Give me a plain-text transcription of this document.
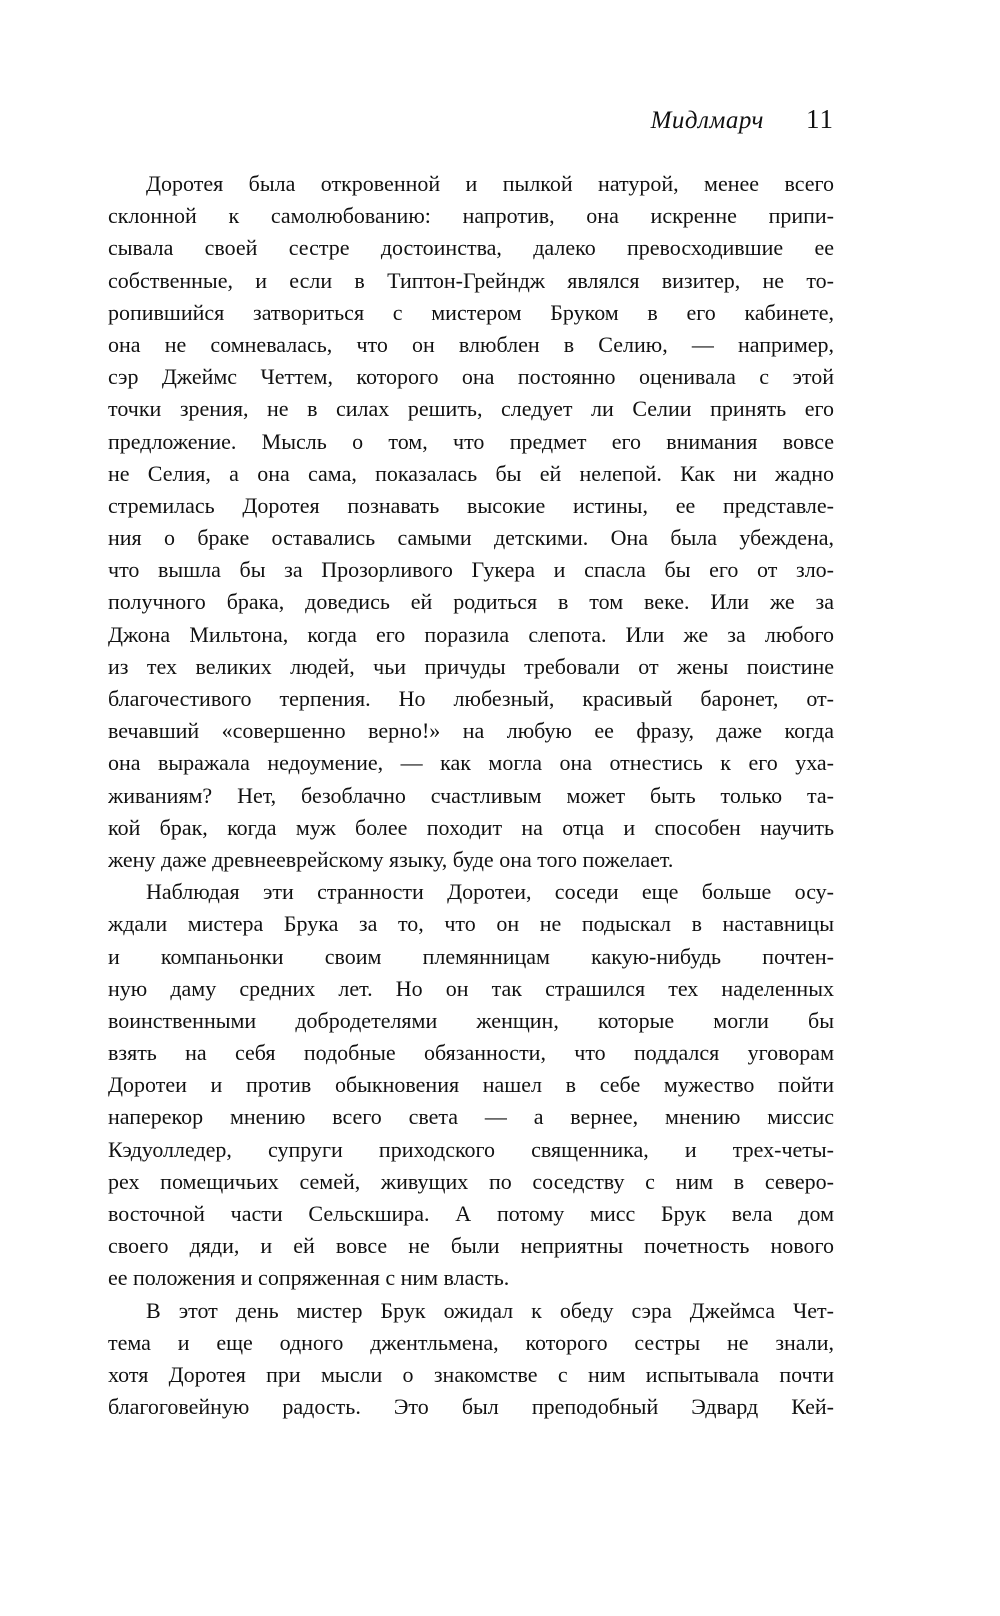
Мидлмарч 11
Доротея была откровенной и пылкой натурой, менее всего
склонной к самолюбованию: напротив, она искренне припи-
сывала своей сестре достоинства, далеко превосходившие ее
собственные, и если в Типтон-Грейндж являлся визитер, не то-
ропившийся затвориться с мистером Бруком в его кабинете,
она не сомневалась, что он влюблен в Селию, — например,
сэр Джеймс Четтем, которого она постоянно оценивала с этой
точки зрения, не в силах решить, следует ли Селии принять его
предложение. Мысль о том, что предмет его внимания вовсе
не Селия, а она сама, показалась бы ей нелепой. Как ни жадно
стремилась Доротея познавать высокие истины, ее представле-
ния о браке оставались самыми детскими. Она была убеждена,
что вышла бы за Прозорливого Гукера и спасла бы его от зло-
получного брака, доведись ей родиться в том веке. Или же за
Джона Мильтона, когда его поразила слепота. Или же за любого
из тех великих людей, чьи причуды требовали от жены поистине
благочестивого терпения. Но любезный, красивый баронет, от-
вечавший «совершенно верно!» на любую ее фразу, даже когда
она выражала недоумение, — как могла она отнестись к его уха-
живаниям? Нет, безоблачно счастливым может быть только та-
кой брак, когда муж более походит на отца и способен научить
жену даже древнееврейскому языку, буде она того пожелает.
Наблюдая эти странности Доротеи, соседи еще больше осу-
ждали мистера Брука за то, что он не подыскал в наставницы
и компаньонки своим племянницам какую-нибудь почтен-
ную даму средних лет. Но он так страшился тех наделенных
воинственными добродетелями женщин, которые могли бы
взять на себя подобные обязанности, что поддался уговорам
Доротеи и против обыкновения нашел в себе мужество пойти
наперекор мнению всего света — а вернее, мнению миссис
Кэдуолледер, супруги приходского священника, и трех-четы-
рех помещичьих семей, живущих по соседству с ним в северо-
восточной части Сельскшира. А потому мисс Брук вела дом
своего дяди, и ей вовсе не были неприятны почетность нового
ее положения и сопряженная с ним власть.
В этот день мистер Брук ожидал к обеду сэра Джеймса Чет-
тема и еще одного джентльмена, которого сестры не знали,
хотя Доротея при мысли о знакомстве с ним испытывала почти
благоговейную радость. Это был преподобный Эдвард Кей-
